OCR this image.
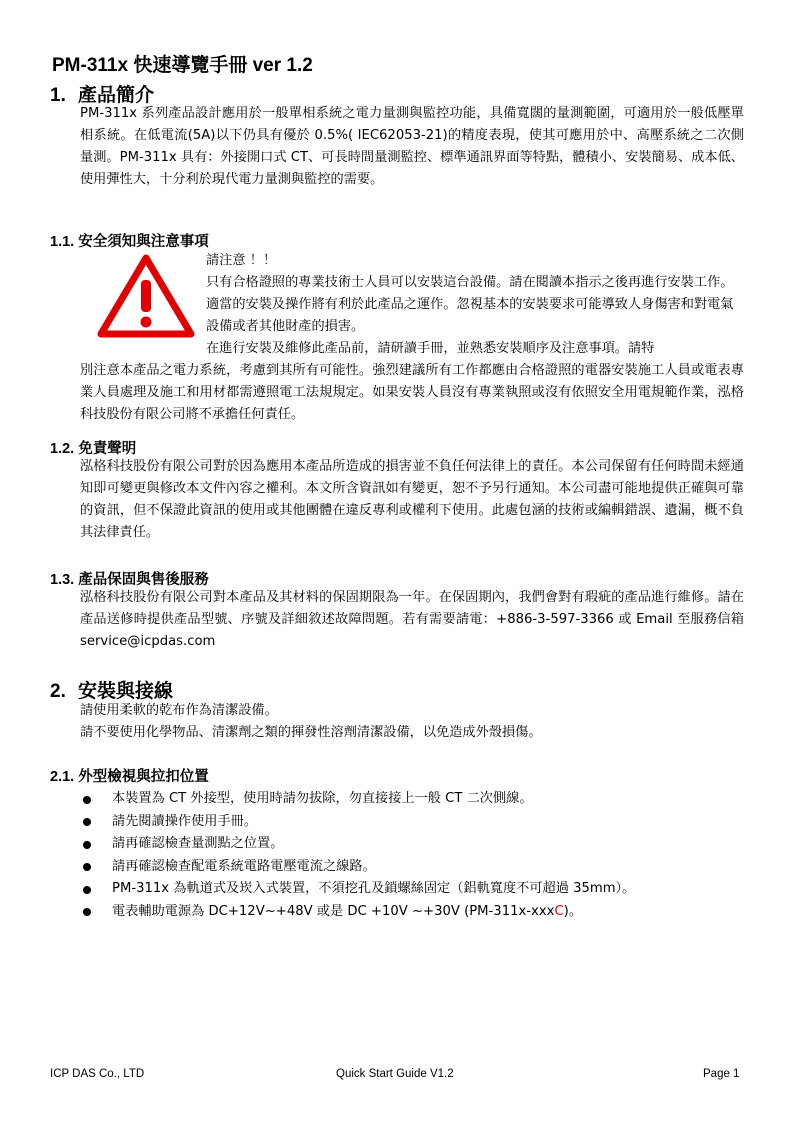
PM-311x 快速導覽手冊 ver 1.2
1. 產品簡介

PM-311x 系列產品設計應用於一般單相系統之電力量測與監控功能，具備寬闊的量測範圍，可適用於一般低壓單相系統。在低電流(5A)以下仍具有優於 0.5%( IEC62053-21)的精度表現，使其可應用於中、高壓系統之二次側量測。PM-311x 具有：外接開口式 CT、可長時間量測監控、標準通訊界面等特點，體積小、安裝簡易、成本低、使用彈性大，十分利於現代電力量測與監控的需要。

1.1. 安全須知與注意事項

請注意 ！！

只有合格證照的專業技術士人員可以安裝這台設備。請在閱讀本指示之後再進行安裝工作。 適當的安裝及操作將有利於此產品之運作。忽視基本的安裝要求可能導致人身傷害和對電氣設備或者其他財產的損害。

在進行安裝及維修此產品前，請研讀手冊，並熟悉安裝順序及注意事項。請特

別注意本產品之電力系統，考慮到其所有可能性。強烈建議所有工作都應由合格證照的電器安裝施工人員或電表專業人員處理及施工和用材都需遵照電工法規規定。如果安裝人員沒有專業執照或沒有依照安全用電規範作業，泓格科技股份有限公司將不承擔任何責任。

1.2. 免責聲明

泓格科技股份有限公司對於因為應用本產品所造成的損害並不負任何法律上的責任。本公司保留有任何時間未經通知即可變更與修改本文件內容之權利。本文所含資訊如有變更，恕不予另行通知。本公司盡可能地提供正確與可靠的資訊，但不保證此資訊的使用或其他團體在違反專利或權利下使用。此處包涵的技術或編輯錯誤、遺漏，概不負其法律責任。

1.3. 產品保固與售後服務

泓格科技股份有限公司對本產品及其材料的保固期限為一年。在保固期內，我們會對有瑕疵的產品進行維修。請在產品送修時提供產品型號、序號及詳細敘述故障問題。若有需要請電：+886-3-597-3366 或 Email 至服務信箱 service@icpdas.com

2. 安裝與接線

請使用柔軟的乾布作為清潔設備。

請不要使用化學物品、清潔劑之類的揮發性溶劑清潔設備，以免造成外殼損傷。

2.1. 外型檢視與拉扣位置
本裝置為 CT 外接型，使用時請勿拔除，勿直接接上一般 CT 二次側線。
請先閱讀操作使用手冊。
請再確認檢查量測點之位置。
請再確認檢查配電系統電路電壓電流之線路。
PM-311x 為軌道式及崁入式裝置，不須挖孔及鎖螺絲固定（鋁軌寬度不可超過 35mm）。
電表輔助電源為 DC+12V~+48V 或是 DC +10V ~+30V (PM-311x-xxxC)。
ICP DAS Co., LTD	Quick Start Guide V1.2	Page 1
